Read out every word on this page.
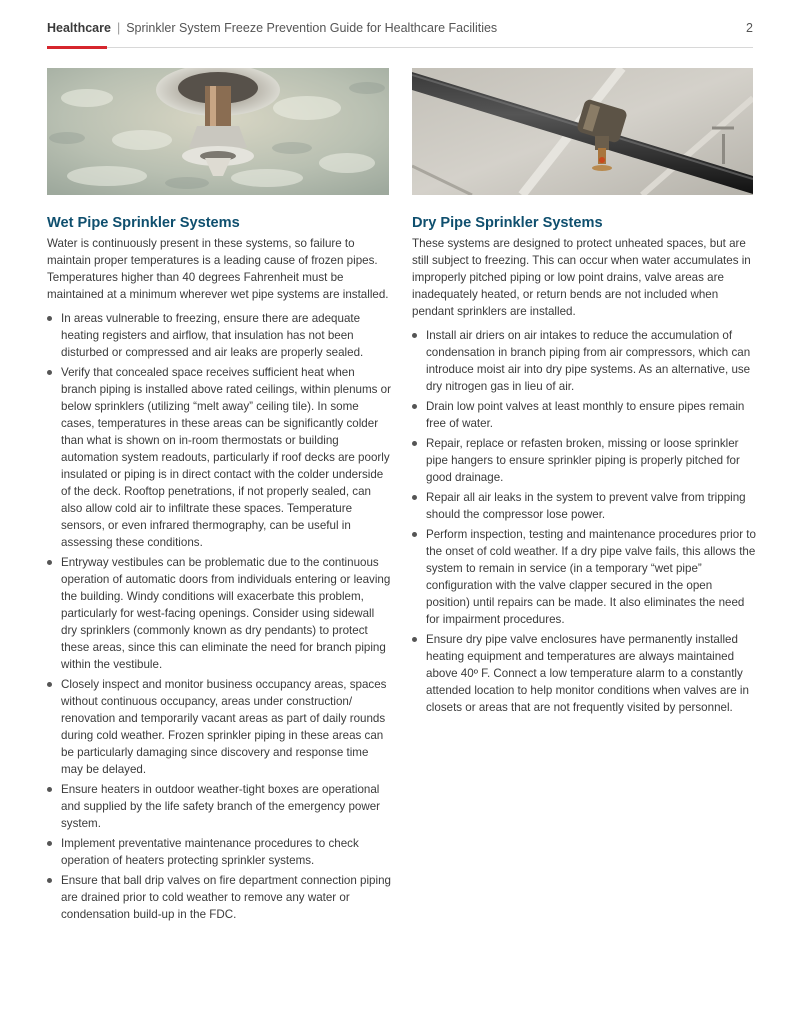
Healthcare | Sprinkler System Freeze Prevention Guide for Healthcare Facilities	2
Wet Pipe Sprinkler Systems

Water is continuously present in these systems, so failure to maintain proper temperatures is a leading cause of frozen pipes. Temperatures higher than 40 degrees Fahrenheit must be maintained at a minimum wherever wet pipe systems are installed.

In areas vulnerable to freezing, ensure there are adequate heating registers and airflow, that insulation has not been disturbed or compressed and air leaks are properly sealed.
Verify that concealed space receives sufficient heat when branch piping is installed above rated ceilings, within plenums or below sprinklers (utilizing “melt away” ceiling tile). In some cases, temperatures in these areas can be significantly colder than what is shown on in-room thermostats or building automation system readouts, particularly if roof decks are poorly insulated or piping is in direct contact with the colder underside of the deck. Rooftop penetrations, if not properly sealed, can also allow cold air to infiltrate these spaces. Temperature sensors, or even infrared thermography, can be useful in assessing these conditions.
Entryway vestibules can be problematic due to the continuous operation of automatic doors from individuals entering or leaving the building. Windy conditions will exacerbate this problem, particularly for west-facing openings. Consider using sidewall dry sprinklers (commonly known as dry pendants) to protect these areas, since this can eliminate the need for branch piping within the vestibule.
Closely inspect and monitor business occupancy areas, spaces without continuous occupancy, areas under construction/ renovation and temporarily vacant areas as part of daily rounds during cold weather. Frozen sprinkler piping in these areas can be particularly damaging since discovery and response time may be delayed.
Ensure heaters in outdoor weather-tight boxes are operational and supplied by the life safety branch of the emergency power system.
Implement preventative maintenance procedures to check operation of heaters protecting sprinkler systems.
Ensure that ball drip valves on fire department connection piping are drained prior to cold weather to remove any water or condensation build-up in the FDC.
Dry Pipe Sprinkler Systems

These systems are designed to protect unheated spaces, but are still subject to freezing. This can occur when water accumulates in improperly pitched piping or low point drains, valve areas are inadequately heated, or return bends are not included when pendant sprinklers are installed.

Install air driers on air intakes to reduce the accumulation of condensation in branch piping from air compressors, which can introduce moist air into dry pipe systems. As an alternative, use dry nitrogen gas in lieu of air.
Drain low point valves at least monthly to ensure pipes remain free of water.
Repair, replace or refasten broken, missing or loose sprinkler pipe hangers to ensure sprinkler piping is properly pitched for good drainage.
Repair all air leaks in the system to prevent valve from tripping should the compressor lose power.
Perform inspection, testing and maintenance procedures prior to the onset of cold weather. If a dry pipe valve fails, this allows the system to remain in service (in a temporary “wet pipe” configuration with the valve clapper secured in the open position) until repairs can be made. It also eliminates the need for impairment procedures.
Ensure dry pipe valve enclosures have permanently installed heating equipment and temperatures are always maintained above 40º F. Connect a low temperature alarm to a constantly attended location to help monitor conditions when valves are in closets or areas that are not frequently visited by personnel.
